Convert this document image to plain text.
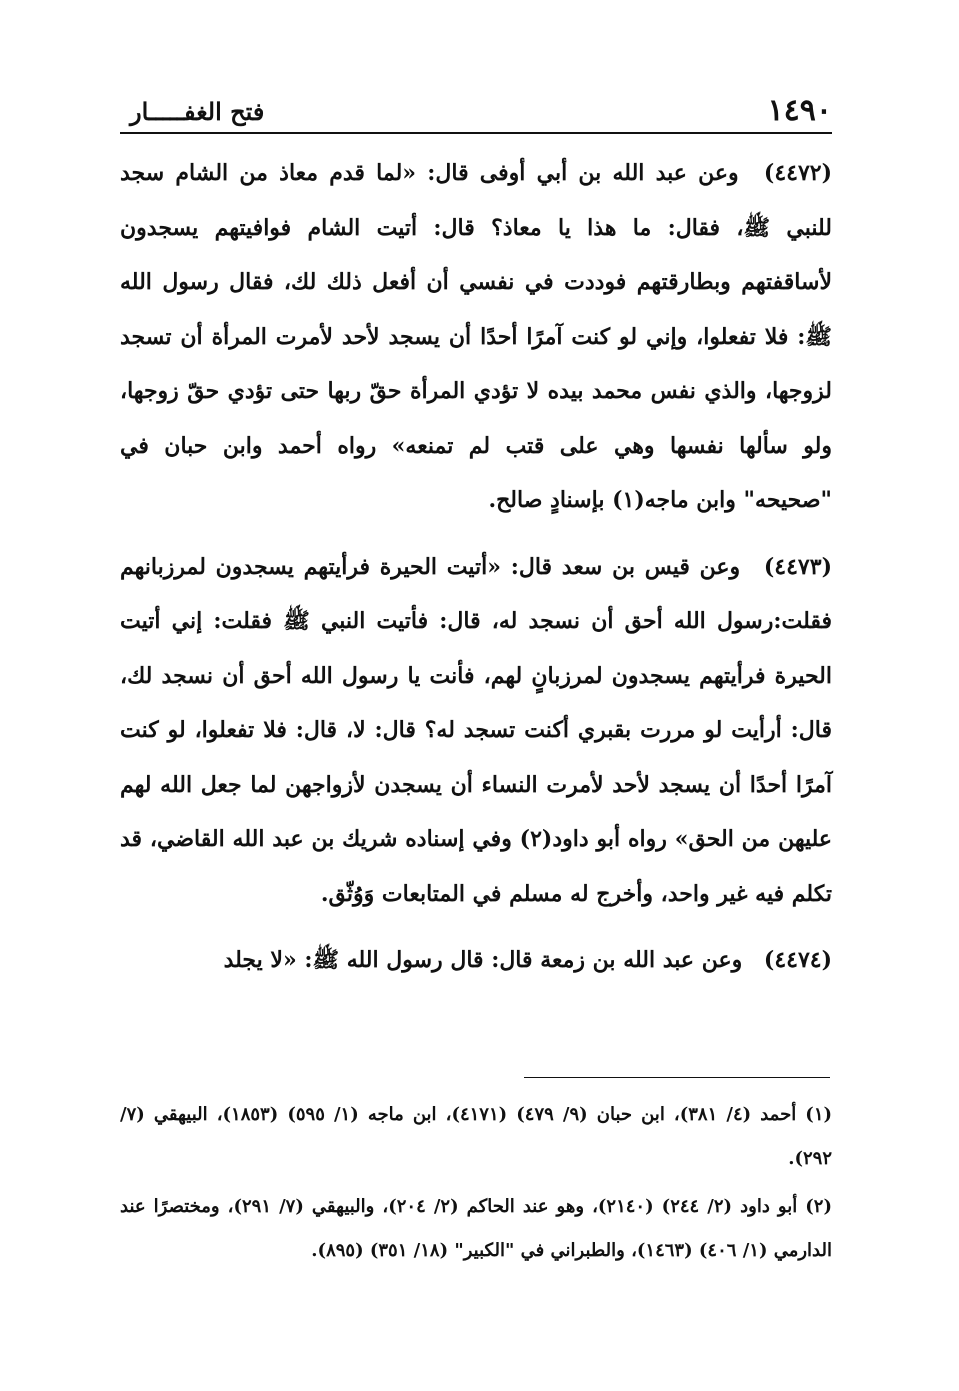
١٤٩٠
فتح الغفـــــار

(٤٤٧٢) وعن عبد الله بن أبي أوفى قال: «لما قدم معاذ من الشام سجد للنبي ﷺ، فقال: ما هذا يا معاذ؟ قال: أتيت الشام فوافيتهم يسجدون لأساقفتهم وبطارقتهم فوددت في نفسي أن أفعل ذلك لك، فقال رسول الله ﷺ: فلا تفعلوا، وإني لو كنت آمرًا أحدًا أن يسجد لأحد لأمرت المرأة أن تسجد لزوجها، والذي نفس محمد بيده لا تؤدي المرأة حقّ ربها حتى تؤدي حقّ زوجها، ولو سألها نفسها وهي على قتب لم تمنعه» رواه أحمد وابن حبان في "صحيحه" وابن ماجه(١) بإسنادٍ صالح.

(٤٤٧٣) وعن قيس بن سعد قال: «أتيت الحيرة فرأيتهم يسجدون لمرزبانهم فقلت:رسول الله أحق أن نسجد له، قال: فأتيت النبي ﷺ فقلت: إني أتيت الحيرة فرأيتهم يسجدون لمرزبانٍ لهم، فأنت يا رسول الله أحق أن نسجد لك، قال: أرأيت لو مررت بقبري أكنت تسجد له؟ قال: لا، قال: فلا تفعلوا، لو كنت آمرًا أحدًا أن يسجد لأحد لأمرت النساء أن يسجدن لأزواجهن لما جعل الله لهم عليهن من الحق» رواه أبو داود(٢) وفي إسناده شريك بن عبد الله القاضي، قد تكلم فيه غير واحد، وأخرج له مسلم في المتابعات وَوُثّق.

(٤٤٧٤) وعن عبد الله بن زمعة قال: قال رسول الله ﷺ: «لا يجلد

(١) أحمد (٤/ ٣٨١)، ابن حبان (٩/ ٤٧٩) (٤١٧١)، ابن ماجه (١/ ٥٩٥) (١٨٥٣)، البيهقي (٧/ ٢٩٢).

(٢) أبو داود (٢/ ٢٤٤) (٢١٤٠)، وهو عند الحاكم (٢/ ٢٠٤)، والبيهقي (٧/ ٢٩١)، ومختصرًا عند الدارمي (١/ ٤٠٦) (١٤٦٣)، والطبراني في "الكبير" (١٨/ ٣٥١) (٨٩٥).
